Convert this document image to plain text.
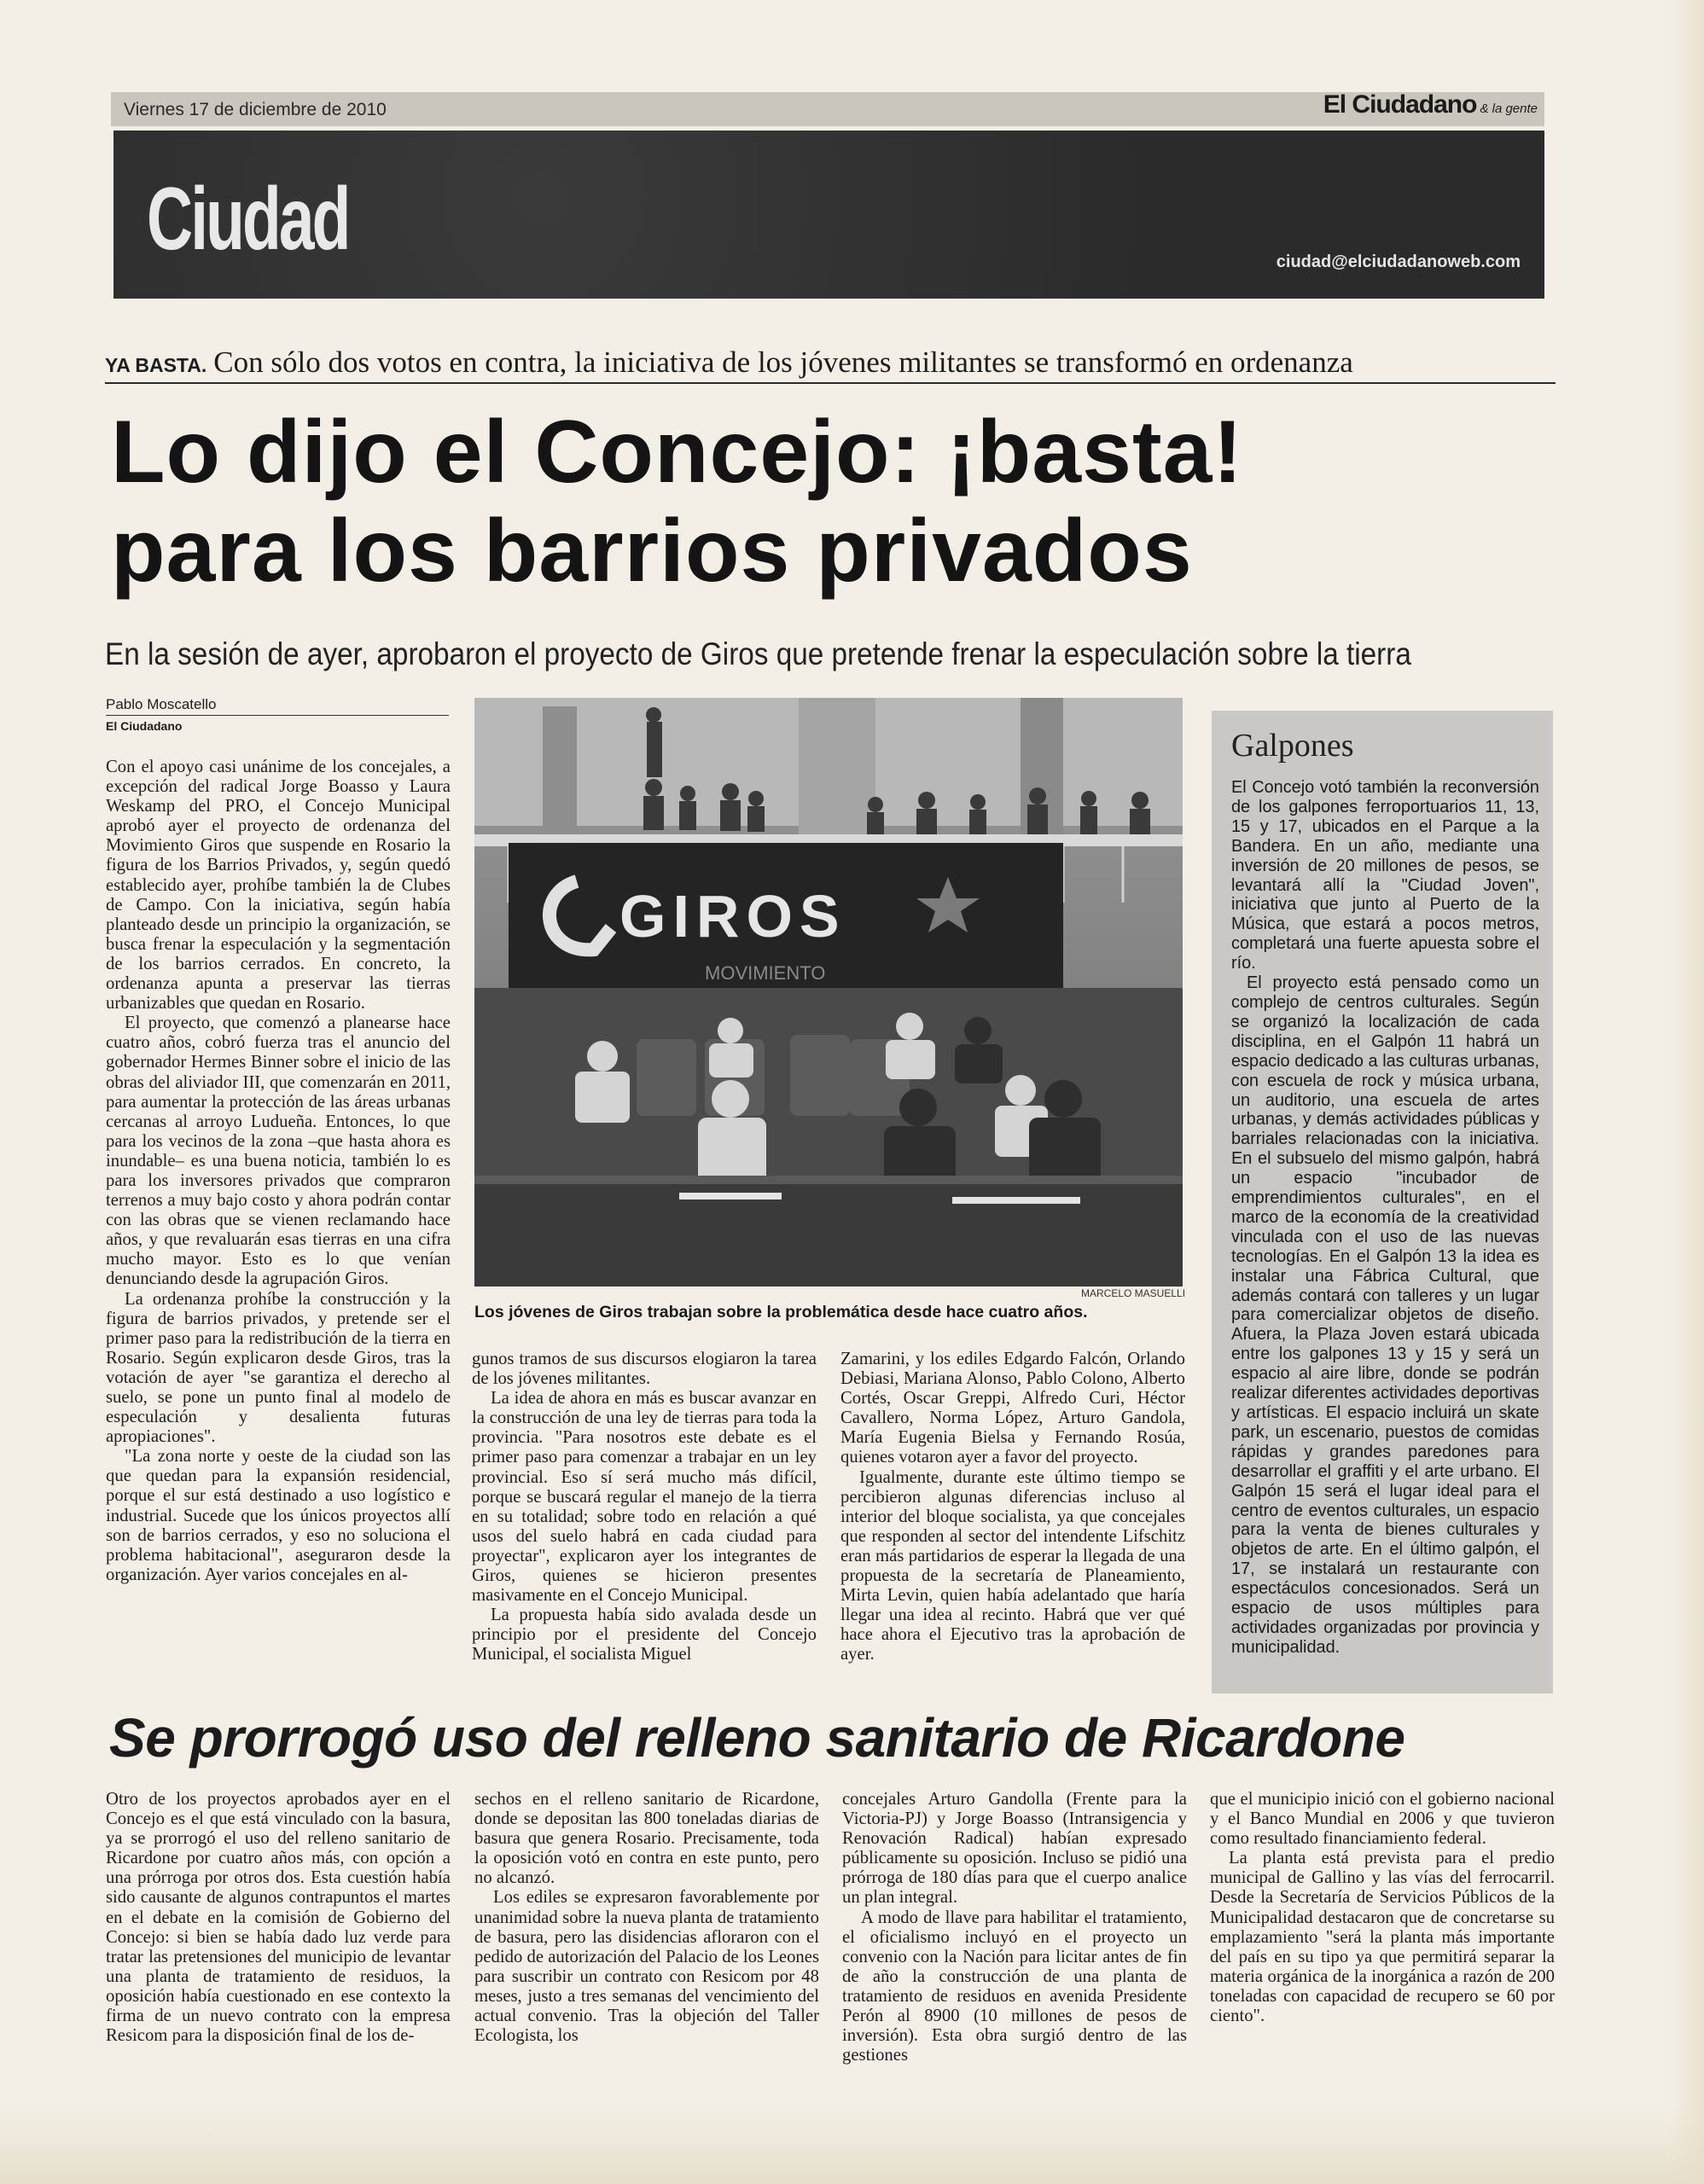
Viernes 17 de diciembre de 2010	El Ciudadano & la gente
Ciudad	ciudad@elciudadanoweb.com
YA BASTA. Con sólo dos votos en contra, la iniciativa de los jóvenes militantes se transformó en ordenanza
Lo dijo el Concejo: ¡basta!
para los barrios privados
En la sesión de ayer, aprobaron el proyecto de Giros que pretende frenar la especulación sobre la tierra
Pablo Moscatello
El Ciudadano

Con el apoyo casi unánime de los concejales, a excepción del radical Jorge Boasso y Laura Weskamp del PRO, el Concejo Municipal aprobó ayer el proyecto de ordenanza del Movimiento Giros que suspende en Rosario la figura de los Barrios Privados, y, según quedó establecido ayer, prohíbe también la de Clubes de Campo. Con la iniciativa, según había planteado desde un principio la organización, se busca frenar la especulación y la segmentación de los barrios cerrados. En concreto, la ordenanza apunta a preservar las tierras urbanizables que quedan en Rosario.

El proyecto, que comenzó a planearse hace cuatro años, cobró fuerza tras el anuncio del gobernador Hermes Binner sobre el inicio de las obras del aliviador III, que comenzarán en 2011, para aumentar la protección de las áreas urbanas cercanas al arroyo Ludueña. Entonces, lo que para los vecinos de la zona –que hasta ahora es inundable– es una buena noticia, también lo es para los inversores privados que compraron terrenos a muy bajo costo y ahora podrán contar con las obras que se vienen reclamando hace años, y que revaluarán esas tierras en una cifra mucho mayor. Esto es lo que venían denunciando desde la agrupación Giros.

La ordenanza prohíbe la construcción y la figura de barrios privados, y pretende ser el primer paso para la redistribución de la tierra en Rosario. Según explicaron desde Giros, tras la votación de ayer "se garantiza el derecho al suelo, se pone un punto final al modelo de especulación y desalienta futuras apropiaciones".

"La zona norte y oeste de la ciudad son las que quedan para la expansión residencial, porque el sur está destinado a uso logístico e industrial. Sucede que los únicos proyectos allí son de barrios cerrados, y eso no soluciona el problema habitacional", aseguraron desde la organización. Ayer varios concejales en al-

GIROS
MOVIMIENTO
MARCELO MASUELLI
Los jóvenes de Giros trabajan sobre la problemática desde hace cuatro años.

gunos tramos de sus discursos elogiaron la tarea de los jóvenes militantes.

La idea de ahora en más es buscar avanzar en la construcción de una ley de tierras para toda la provincia. "Para nosotros este debate es el primer paso para comenzar a trabajar en un ley provincial. Eso sí será mucho más difícil, porque se buscará regular el manejo de la tierra en su totalidad; sobre todo en relación a qué usos del suelo habrá en cada ciudad para proyectar", explicaron ayer los integrantes de Giros, quienes se hicieron presentes masivamente en el Concejo Municipal.

La propuesta había sido avalada desde un principio por el presidente del Concejo Municipal, el socialista Miguel

Zamarini, y los ediles Edgardo Falcón, Orlando Debiasi, Mariana Alonso, Pablo Colono, Alberto Cortés, Oscar Greppi, Alfredo Curi, Héctor Cavallero, Norma López, Arturo Gandola, María Eugenia Bielsa y Fernando Rosúa, quienes votaron ayer a favor del proyecto.

Igualmente, durante este último tiempo se percibieron algunas diferencias incluso al interior del bloque socialista, ya que concejales que responden al sector del intendente Lifschitz eran más partidarios de esperar la llegada de una propuesta de la secretaría de Planeamiento, Mirta Levin, quien había adelantado que haría llegar una idea al recinto. Habrá que ver qué hace ahora el Ejecutivo tras la aprobación de ayer.

Galpones

El Concejo votó también la reconversión de los galpones ferroportuarios 11, 13, 15 y 17, ubicados en el Parque a la Bandera. En un año, mediante una inversión de 20 millones de pesos, se levantará allí la "Ciudad Joven", iniciativa que junto al Puerto de la Música, que estará a pocos metros, completará una fuerte apuesta sobre el río.

El proyecto está pensado como un complejo de centros culturales. Según se organizó la localización de cada disciplina, en el Galpón 11 habrá un espacio dedicado a las culturas urbanas, con escuela de rock y música urbana, un auditorio, una escuela de artes urbanas, y demás actividades públicas y barriales relacionadas con la iniciativa. En el subsuelo del mismo galpón, habrá un espacio "incubador de emprendimientos culturales", en el marco de la economía de la creatividad vinculada con el uso de las nuevas tecnologías. En el Galpón 13 la idea es instalar una Fábrica Cultural, que además contará con talleres y un lugar para comercializar objetos de diseño. Afuera, la Plaza Joven estará ubicada entre los galpones 13 y 15 y será un espacio al aire libre, donde se podrán realizar diferentes actividades deportivas y artísticas. El espacio incluirá un skate park, un escenario, puestos de comidas rápidas y grandes paredones para desarrollar el graffiti y el arte urbano. El Galpón 15 será el lugar ideal para el centro de eventos culturales, un espacio para la venta de bienes culturales y objetos de arte. En el último galpón, el 17, se instalará un restaurante con espectáculos concesionados. Será un espacio de usos múltiples para actividades organizadas por provincia y municipalidad.

Se prorrogó uso del relleno sanitario de Ricardone

Otro de los proyectos aprobados ayer en el Concejo es el que está vinculado con la basura, ya se prorrogó el uso del relleno sanitario de Ricardone por cuatro años más, con opción a una prórroga por otros dos. Esta cuestión había sido causante de algunos contrapuntos el martes en el debate en la comisión de Gobierno del Concejo: si bien se había dado luz verde para tratar las pretensiones del municipio de levantar una planta de tratamiento de residuos, la oposición había cuestionado en ese contexto la firma de un nuevo contrato con la empresa Resicom para la disposición final de los de-

sechos en el relleno sanitario de Ricardone, donde se depositan las 800 toneladas diarias de basura que genera Rosario. Precisamente, toda la oposición votó en contra en este punto, pero no alcanzó.

Los ediles se expresaron favorablemente por unanimidad sobre la nueva planta de tratamiento de basura, pero las disidencias afloraron con el pedido de autorización del Palacio de los Leones para suscribir un contrato con Resicom por 48 meses, justo a tres semanas del vencimiento del actual convenio. Tras la objeción del Taller Ecologista, los

concejales Arturo Gandolla (Frente para la Victoria-PJ) y Jorge Boasso (Intransigencia y Renovación Radical) habían expresado públicamente su oposición. Incluso se pidió una prórroga de 180 días para que el cuerpo analice un plan integral.

A modo de llave para habilitar el tratamiento, el oficialismo incluyó en el proyecto un convenio con la Nación para licitar antes de fin de año la construcción de una planta de tratamiento de residuos en avenida Presidente Perón al 8900 (10 millones de pesos de inversión). Esta obra surgió dentro de las gestiones

que el municipio inició con el gobierno nacional y el Banco Mundial en 2006 y que tuvieron como resultado financiamiento federal.

La planta está prevista para el predio municipal de Gallino y las vías del ferrocarril. Desde la Secretaría de Servicios Públicos de la Municipalidad destacaron que de concretarse su emplazamiento "será la planta más importante del país en su tipo ya que permitirá separar la materia orgánica de la inorgánica a razón de 200 toneladas con capacidad de recupero se 60 por ciento".
